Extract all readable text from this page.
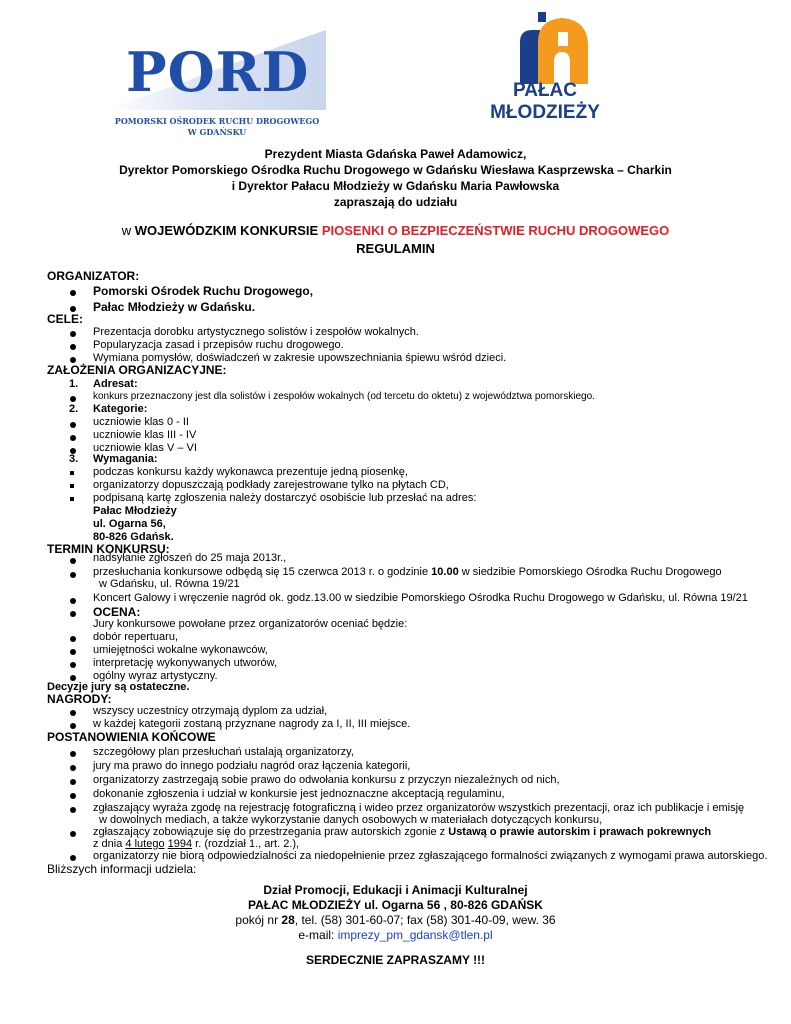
PORD
POMORSKI OŚRODEK RUCHU DROGOWEGO
W GDAŃSKU
PAŁAC
MŁODZIEŻY
Prezydent Miasta Gdańska Paweł Adamowicz,
Dyrektor Pomorskiego Ośrodka Ruchu Drogowego w Gdańsku Wiesława Kasprzewska – Charkin
i Dyrektor Pałacu Młodzieży w Gdańsku Maria Pawłowska
zapraszają do udziału
w WOJEWÓDZKIM KONKURSIE PIOSENKI O BEZPIECZEŃSTWIE RUCHU DROGOWEGO
REGULAMIN
ORGANIZATOR:
Pomorski Ośrodek Ruchu Drogowego,
Pałac Młodzieży w Gdańsku.
CELE:
Prezentacja dorobku artystycznego solistów i zespołów wokalnych.
Popularyzacja zasad i przepisów ruchu drogowego.
Wymiana pomysłów, doświadczeń w zakresie upowszechniania śpiewu wśród dzieci.
ZAŁOŻENIA ORGANIZACYJNE:
1. Adresat:
konkurs przeznaczony jest dla solistów i zespołów wokalnych (od tercetu do oktetu) z województwa pomorskiego.
2. Kategorie:
uczniowie klas 0 - II
uczniowie klas III - IV
uczniowie klas V – VI
3. Wymagania:
podczas konkursu każdy wykonawca prezentuje jedną piosenkę,
organizatorzy dopuszczają podkłady zarejestrowane tylko na płytach CD,
podpisaną kartę zgłoszenia należy dostarczyć osobiście lub przesłać na adres:
Pałac Młodzieży
ul. Ogarna 56,
80-826 Gdańsk.
TERMIN KONKURSU:
nadsyłanie zgłoszeń do 25 maja 2013r.,
przesłuchania konkursowe odbędą się 15 czerwca 2013 r. o godzinie 10.00 w siedzibie Pomorskiego Ośrodka Ruchu Drogowego
w Gdańsku, ul. Równa 19/21
Koncert Galowy i wręczenie nagród ok. godz.13.00 w siedzibie Pomorskiego Ośrodka Ruchu Drogowego w Gdańsku, ul. Równa 19/21
OCENA:
Jury konkursowe powołane przez organizatorów oceniać będzie:
dobór repertuaru,
umiejętności wokalne wykonawców,
interpretację wykonywanych utworów,
ogólny wyraz artystyczny.
Decyzje jury są ostateczne.
NAGRODY:
wszyscy uczestnicy otrzymają dyplom za udział,
w każdej kategorii zostaną przyznane nagrody za I, II, III miejsce.
POSTANOWIENIA KOŃCOWE
szczegółowy plan przesłuchań ustalają organizatorzy,
jury ma prawo do innego podziału nagród oraz łączenia kategorii,
organizatorzy zastrzegają sobie prawo do odwołania konkursu z przyczyn niezależnych od nich,
dokonanie zgłoszenia i udział w konkursie jest jednoznaczne akceptacją regulaminu,
zgłaszający wyraża zgodę na rejestrację fotograficzną i wideo przez organizatorów wszystkich prezentacji, oraz ich publikacje i emisję
w dowolnych mediach, a także wykorzystanie danych osobowych w materiałach dotyczących konkursu,
zgłaszający zobowiązuje się do przestrzegania praw autorskich zgonie z Ustawą o prawie autorskim i prawach pokrewnych
z dnia 4 lutego 1994 r. (rozdział 1., art. 2.),
organizatorzy nie biorą odpowiedzialności za niedopełnienie przez zgłaszającego formalności związanych z wymogami prawa autorskiego.
Bliższych informacji udziela:
Dział Promocji, Edukacji i Animacji Kulturalnej
PAŁAC MŁODZIEŻY ul. Ogarna 56 , 80-826 GDAŃSK
pokój nr 28, tel. (58) 301-60-07; fax (58) 301-40-09, wew. 36
e-mail: imprezy_pm_gdansk@tlen.pl
SERDECZNIE ZAPRASZAMY !!!
